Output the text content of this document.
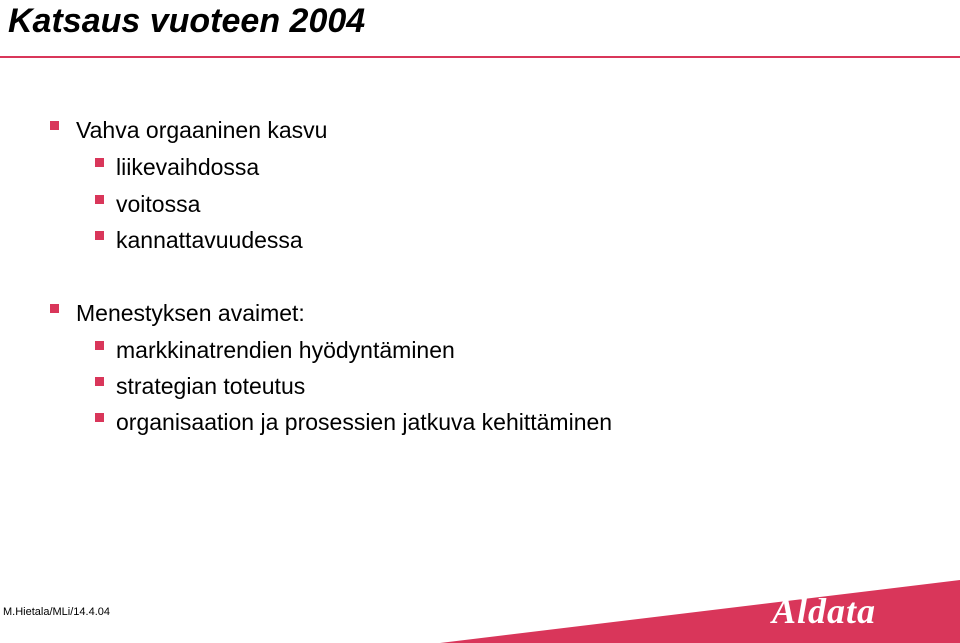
Katsaus vuoteen 2004
Vahva orgaaninen kasvu
liikevaihdossa
voitossa
kannattavuudessa
Menestyksen avaimet:
markkinatrendien hyödyntäminen
strategian toteutus
organisaation ja prosessien jatkuva kehittäminen
M.Hietala/MLi/14.4.04	Aldata
